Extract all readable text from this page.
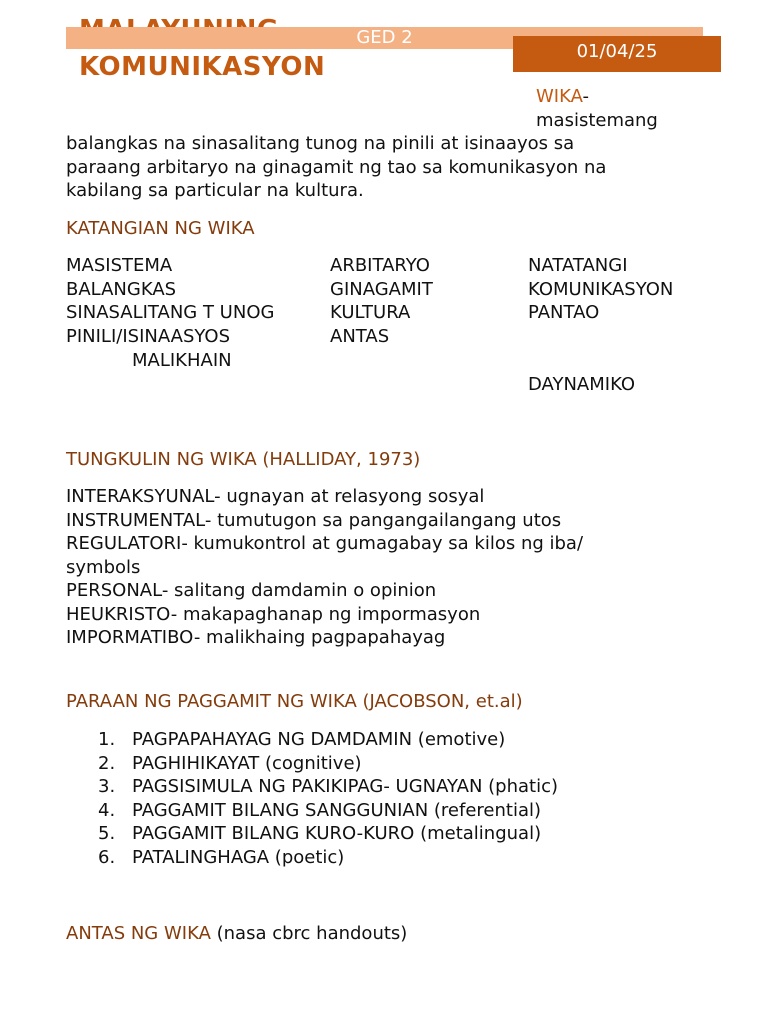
GED 2
01/04/25
KOMUNIKASYON
WIKA-
masistemang
balangkas na sinasalitang tunog na pinili at isinaayos sa
paraang arbitaryo na ginagamit ng tao sa komunikasyon na
kabilang sa particular na kultura.
KATANGIAN NG WIKA
MASISTEMA
BALANGKAS
SINASALITANG T UNOG
PINILI/ISINAASYOS
MALIKHAIN
ARBITARYO
GINAGAMIT
KULTURA
ANTAS
NATATANGI
KOMUNIKASYON
PANTAO
DAYNAMIKO
TUNGKULIN NG WIKA (HALLIDAY, 1973)
INTERAKSYUNAL- ugnayan at relasyong sosyal
INSTRUMENTAL- tumutugon sa pangangailangang utos
REGULATORI- kumukontrol at gumagabay sa kilos ng iba/
symbols
PERSONAL- salitang damdamin o opinion
HEUKRISTO- makapaghanap ng impormasyon
IMPORMATIBO- malikhaing pagpapahayag
PARAAN NG PAGGAMIT NG WIKA (JACOBSON, et.al)
1. PAGPAPAHAYAG NG DAMDAMIN (emotive)
2. PAGHIHIKAYAT (cognitive)
3. PAGSISIMULA NG PAKIKIPAG- UGNAYAN (phatic)
4. PAGGAMIT BILANG SANGGUNIAN (referential)
5. PAGGAMIT BILANG KURO-KURO (metalingual)
6. PATALINGHAGA (poetic)
ANTAS NG WIKA (nasa cbrc handouts)
